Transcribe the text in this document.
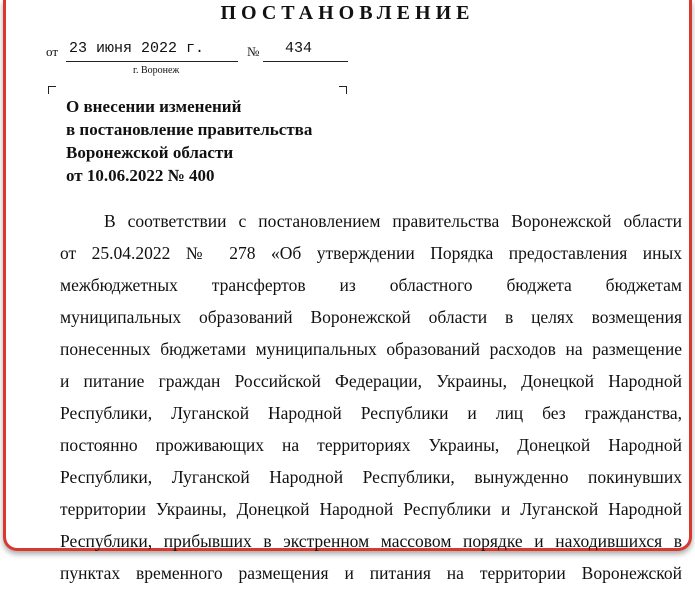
ПОСТАНОВЛЕНИЕ
от 23 июня 2022 г.	№ 434
г. Воронеж
О внесении изменений
в постановление правительства
Воронежской области
от 10.06.2022 № 400
В соответствии с постановлением правительства Воронежской области
от 25.04.2022 № 278 «Об утверждении Порядка предоставления иных
межбюджетных трансфертов из областного бюджета бюджетам
муниципальных образований Воронежской области в целях возмещения
понесенных бюджетами муниципальных образований расходов на размещение
и питание граждан Российской Федерации, Украины, Донецкой Народной
Республики, Луганской Народной Республики и лиц без гражданства,
постоянно проживающих на территориях Украины, Донецкой Народной
Республики, Луганской Народной Республики, вынужденно покинувших
территории Украины, Донецкой Народной Республики и Луганской Народной
Республики, прибывших в экстренном массовом порядке и находившихся в
пунктах временного размещения и питания на территории Воронежской
